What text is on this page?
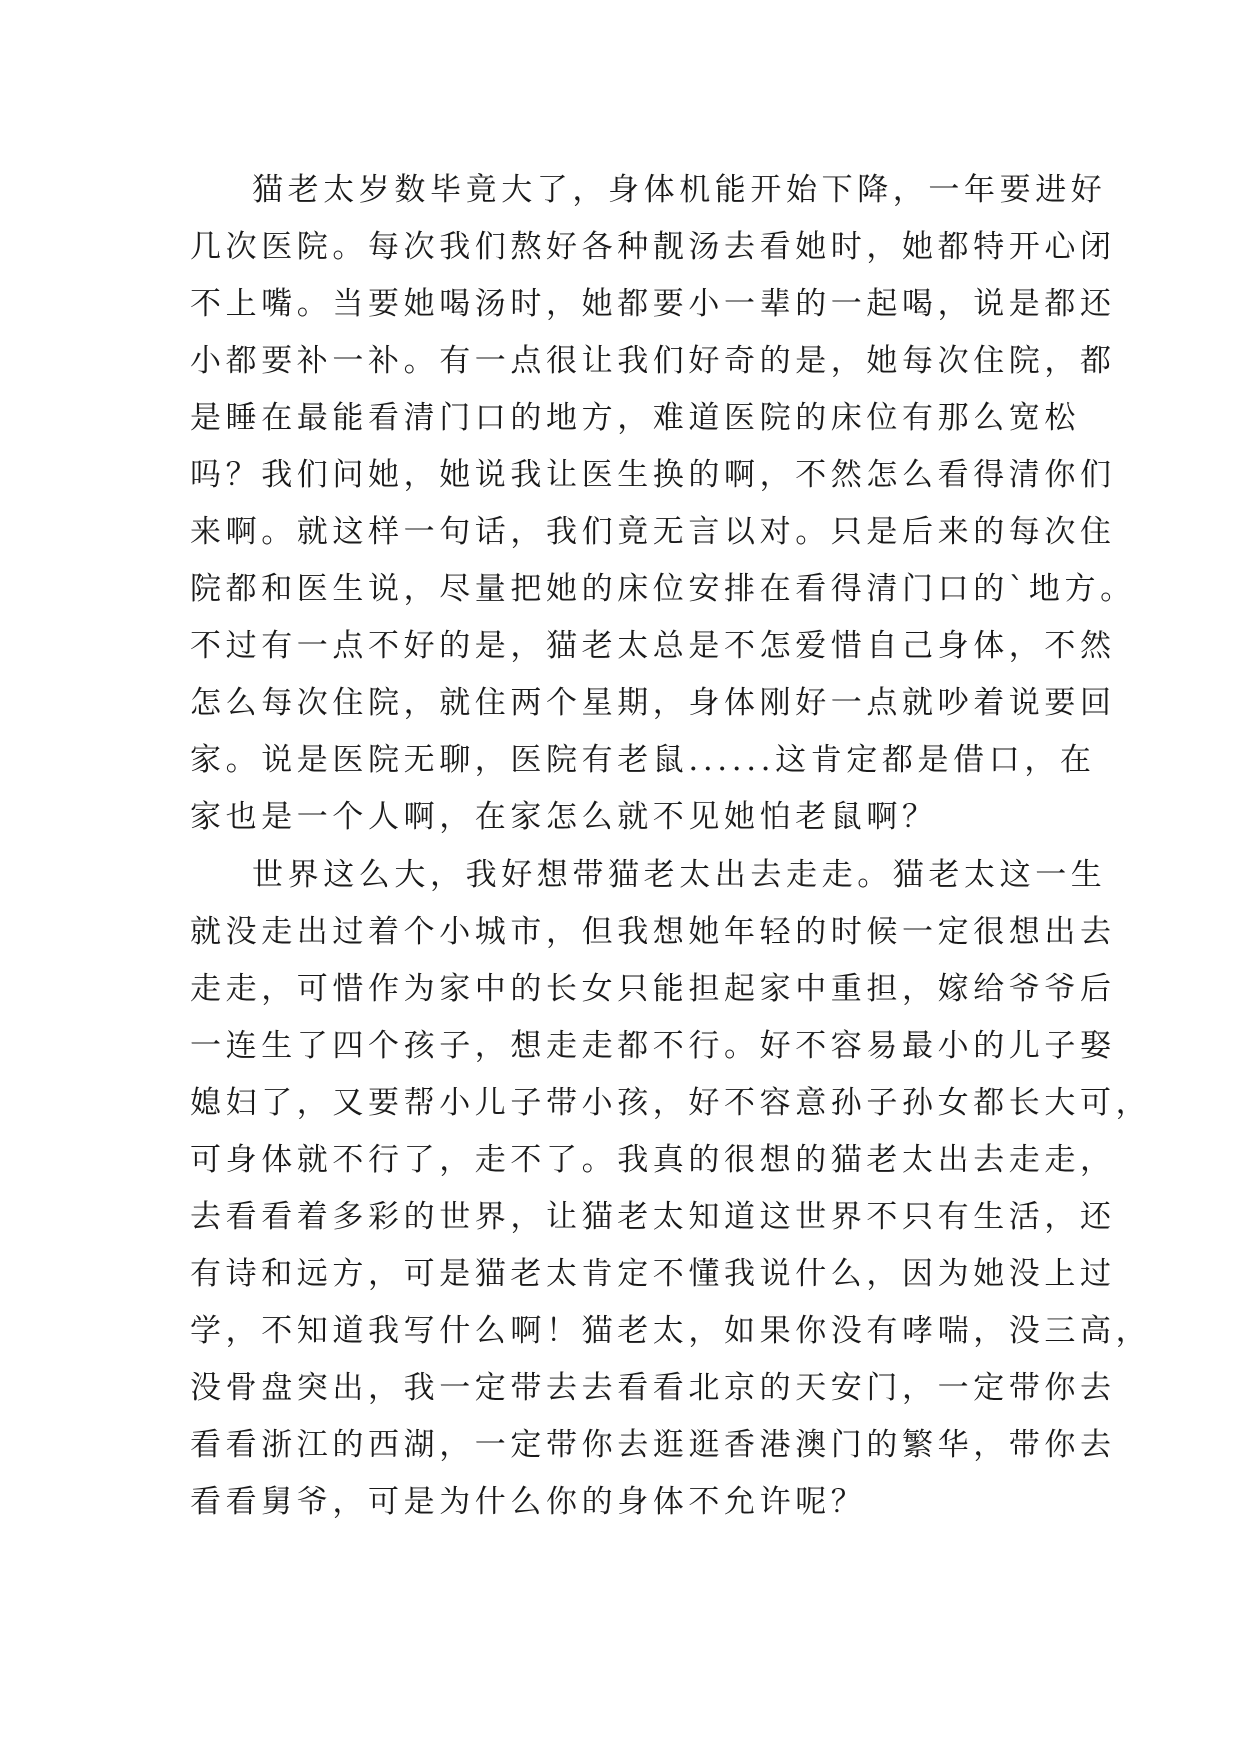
猫老太岁数毕竟大了，身体机能开始下降，一年要进好
几次医院。每次我们熬好各种靓汤去看她时，她都特开心闭
不上嘴。当要她喝汤时，她都要小一辈的一起喝，说是都还
小都要补一补。有一点很让我们好奇的是，她每次住院，都
是睡在最能看清门口的地方，难道医院的床位有那么宽松
吗？我们问她，她说我让医生换的啊，不然怎么看得清你们
来啊。就这样一句话，我们竟无言以对。只是后来的每次住
院都和医生说，尽量把她的床位安排在看得清门口的`地方。
不过有一点不好的是，猫老太总是不怎爱惜自己身体，不然
怎么每次住院，就住两个星期，身体刚好一点就吵着说要回
家。说是医院无聊，医院有老鼠......这肯定都是借口，在
家也是一个人啊，在家怎么就不见她怕老鼠啊？
世界这么大，我好想带猫老太出去走走。猫老太这一生
就没走出过着个小城市，但我想她年轻的时候一定很想出去
走走，可惜作为家中的长女只能担起家中重担，嫁给爷爷后
一连生了四个孩子，想走走都不行。好不容易最小的儿子娶
媳妇了，又要帮小儿子带小孩，好不容意孙子孙女都长大可，
可身体就不行了，走不了。我真的很想的猫老太出去走走，
去看看着多彩的世界，让猫老太知道这世界不只有生活，还
有诗和远方，可是猫老太肯定不懂我说什么，因为她没上过
学，不知道我写什么啊！猫老太，如果你没有哮喘，没三高，
没骨盘突出，我一定带去去看看北京的天安门，一定带你去
看看浙江的西湖，一定带你去逛逛香港澳门的繁华，带你去
看看舅爷，可是为什么你的身体不允许呢？
